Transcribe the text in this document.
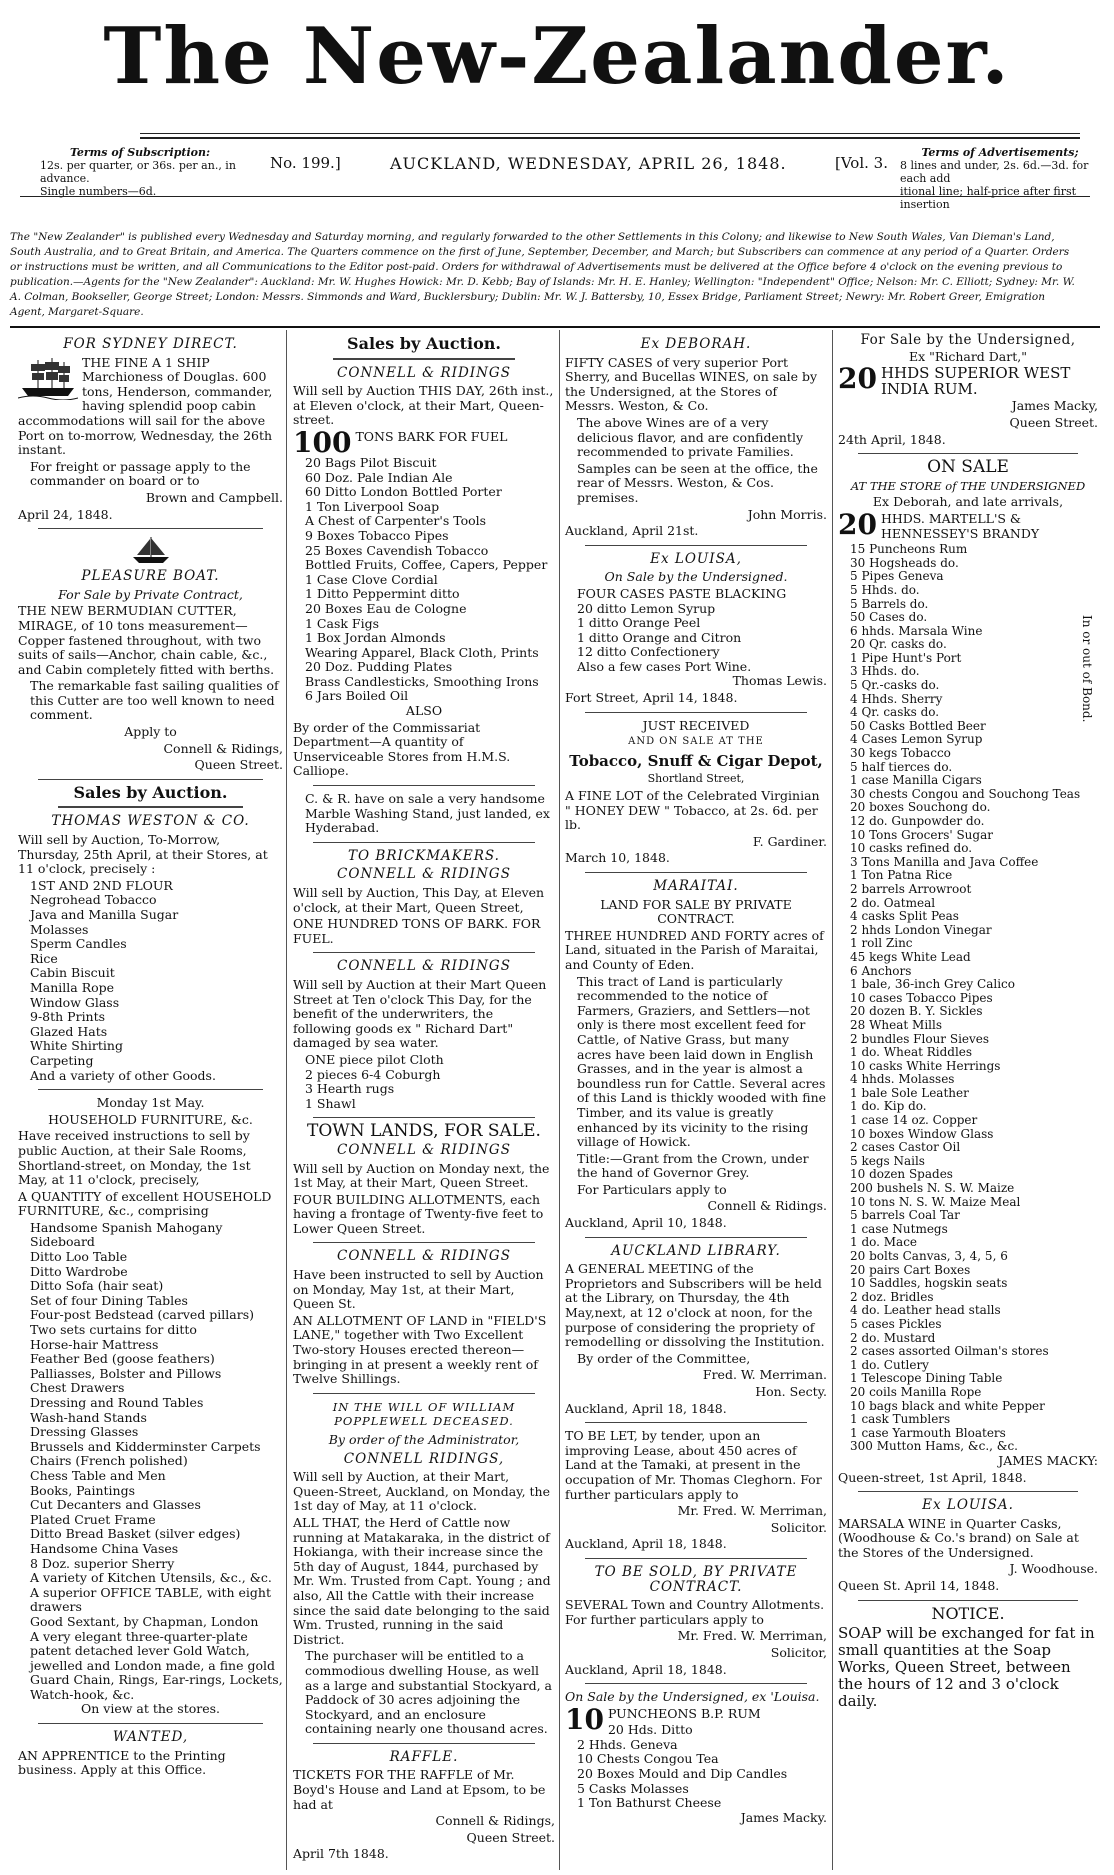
The New-Zealander.
Terms of Subscription:
12s. per quarter, or 36s. per an., in advance.
Single numbers—6d.
No. 199.]	AUCKLAND, WEDNESDAY, APRIL 26, 1848.	[Vol. 3.
Terms of Advertisements;
8 lines and under, 2s. 6d.—3d. for each add
itional line; half-price after first insertion
The "New Zealander" is published every Wednesday and Saturday morning, and regularly forwarded to the other Settlements in this Colony; and likewise to New South Wales, Van Dieman's Land, South Australia, and to Great Britain, and America. The Quarters commence on the first of June, September, December, and March; but Subscribers can commence at any period of a Quarter. Orders or instructions must be written, and all Communications to the Editor post-paid. Orders for withdrawal of Advertisements must be delivered at the Office before 4 o'clock on the evening previous to publication.—Agents for the "New Zealander": Auckland: Mr. W. Hughes Howick: Mr. D. Kebb; Bay of Islands: Mr. H. E. Hanley; Wellington: "Independent" Office; Nelson: Mr. C. Elliott; Sydney: Mr. W. A. Colman, Bookseller, George Street; London: Messrs. Simmonds and Ward, Bucklersbury; Dublin: Mr. W. J. Battersby, 10, Essex Bridge, Parliament Street; Newry: Mr. Robert Greer, Emigration Agent, Margaret-Square.
FOR SYDNEY DIRECT.

THE FINE A 1 SHIP Marchioness of Douglas. 600 tons, Henderson, commander, having splendid poop cabin accommodations will sail for the above Port on to-morrow, Wednesday, the 26th instant.

For freight or passage apply to the commander on board or to

Brown and Campbell.

April 24, 1848.

PLEASURE BOAT.

For Sale by Private Contract,

THE NEW BERMUDIAN CUTTER, MIRAGE, of 10 tons measurement—Copper fastened throughout, with two suits of sails—Anchor, chain cable, &c., and Cabin completely fitted with berths.

The remarkable fast sailing qualities of this Cutter are too well known to need comment.

Apply to

Connell & Ridings,

Queen Street.

Sales by Auction.
THOMAS WESTON & CO.

Will sell by Auction, To-Morrow, Thursday, 25th April, at their Stores, at 11 o'clock, precisely :

1ST AND 2ND FLOUR
Negrohead Tobacco
Java and Manilla Sugar
Molasses
Sperm Candles
Rice
Cabin Biscuit
Manilla Rope
Window Glass
9-8th Prints
Glazed Hats
White Shirting
Carpeting
And a variety of other Goods.

Monday 1st May.

HOUSEHOLD FURNITURE, &c.

Have received instructions to sell by public Auction, at their Sale Rooms, Shortland-street, on Monday, the 1st May, at 11 o'clock, precisely,

A QUANTITY of excellent HOUSEHOLD FURNITURE, &c., comprising

Handsome Spanish Mahogany Sideboard
Ditto Loo Table
Ditto Wardrobe
Ditto Sofa (hair seat)
Set of four Dining Tables
Four-post Bedstead (carved pillars)
Two sets curtains for ditto
Horse-hair Mattress
Feather Bed (goose feathers)
Palliasses, Bolster and Pillows
Chest Drawers
Dressing and Round Tables
Wash-hand Stands
Dressing Glasses
Brussels and Kidderminster Carpets
Chairs (French polished)
Chess Table and Men
Books, Paintings
Cut Decanters and Glasses
Plated Cruet Frame
Ditto Bread Basket (silver edges)
Handsome China Vases
8 Doz. superior Sherry
A variety of Kitchen Utensils, &c., &c.
A superior OFFICE TABLE, with eight drawers
Good Sextant, by Chapman, London
A very elegant three-quarter-plate patent detached lever Gold Watch, jewelled and London made, a fine gold Guard Chain, Rings, Ear-rings, Lockets, Watch-hook, &c.

On view at the stores.

WANTED,

AN APPRENTICE to the Printing business. Apply at this Office.

Sales by Auction.
CONNELL & RIDINGS

Will sell by Auction THIS DAY, 26th inst., at Eleven o'clock, at their Mart, Queen-street.

100 TONS BARK FOR FUEL

20 Bags Pilot Biscuit
60 Doz. Pale Indian Ale
60 Ditto London Bottled Porter
1 Ton Liverpool Soap
A Chest of Carpenter's Tools
9 Boxes Tobacco Pipes
25 Boxes Cavendish Tobacco
Bottled Fruits, Coffee, Capers, Pepper
1 Case Clove Cordial
1 Ditto Peppermint ditto
20 Boxes Eau de Cologne
1 Cask Figs
1 Box Jordan Almonds
Wearing Apparel, Black Cloth, Prints
20 Doz. Pudding Plates
Brass Candlesticks, Smoothing Irons
6 Jars Boiled Oil

ALSO

By order of the Commissariat Department—A quantity of Unserviceable Stores from H.M.S. Calliope.

C. & R. have on sale a very handsome Marble Washing Stand, just landed, ex Hyderabad.

TO BRICKMAKERS.
CONNELL & RIDINGS

Will sell by Auction, This Day, at Eleven o'clock, at their Mart, Queen Street,

ONE HUNDRED TONS OF BARK. FOR FUEL.

CONNELL & RIDINGS

Will sell by Auction at their Mart Queen Street at Ten o'clock This Day, for the benefit of the underwriters, the following goods ex " Richard Dart" damaged by sea water.

ONE piece pilot Cloth
2 pieces 6-4 Coburgh
3 Hearth rugs
1 Shawl
TOWN LANDS, FOR SALE.
CONNELL & RIDINGS

Will sell by Auction on Monday next, the 1st May, at their Mart, Queen Street.

FOUR BUILDING ALLOTMENTS, each having a frontage of Twenty-five feet to Lower Queen Street.

CONNELL & RIDINGS

Have been instructed to sell by Auction on Monday, May 1st, at their Mart, Queen St.

AN ALLOTMENT OF LAND in "FIELD'S LANE," together with Two Excellent Two-story Houses erected thereon—bringing in at present a weekly rent of Twelve Shillings.

IN THE WILL OF WILLIAM POPPLEWELL DECEASED.

By order of the Administrator,

CONNELL RIDINGS,

Will sell by Auction, at their Mart, Queen-Street, Auckland, on Monday, the 1st day of May, at 11 o'clock.

ALL THAT, the Herd of Cattle now running at Matakaraka, in the district of Hokianga, with their increase since the 5th day of August, 1844, purchased by Mr. Wm. Trusted from Capt. Young ; and also, All the Cattle with their increase since the said date belonging to the said Wm. Trusted, running in the said District.

The purchaser will be entitled to a commodious dwelling House, as well as a large and substantial Stockyard, a Paddock of 30 acres adjoining the Stockyard, and an enclosure containing nearly one thousand acres.

RAFFLE.

TICKETS FOR THE RAFFLE of Mr. Boyd's House and Land at Epsom, to be had at

Connell & Ridings,

Queen Street.

April 7th 1848.

Ex DEBORAH.

FIFTY CASES of very superior Port Sherry, and Bucellas WINES, on sale by the Undersigned, at the Stores of Messrs. Weston, & Co.

The above Wines are of a very delicious flavor, and are confidently recommended to private Families.

Samples can be seen at the office, the rear of Messrs. Weston, & Cos. premises.

John Morris.

Auckland, April 21st.

Ex LOUISA,

On Sale by the Undersigned.

FOUR CASES PASTE BLACKING
20 ditto Lemon Syrup
1 ditto Orange Peel
1 ditto Orange and Citron
12 ditto Confectionery
Also a few cases Port Wine.

Thomas Lewis.

Fort Street, April 14, 1848.

JUST RECEIVED

AND ON SALE AT THE

Tobacco, Snuff & Cigar Depot,

Shortland Street,

A FINE LOT of the Celebrated Virginian " HONEY DEW " Tobacco, at 2s. 6d. per lb.

F. Gardiner.

March 10, 1848.

MARAITAI.

LAND FOR SALE BY PRIVATE CONTRACT.

THREE HUNDRED AND FORTY acres of Land, situated in the Parish of Maraitai, and County of Eden.

This tract of Land is particularly recommended to the notice of Farmers, Graziers, and Settlers—not only is there most excellent feed for Cattle, of Native Grass, but many acres have been laid down in English Grasses, and in the year is almost a boundless run for Cattle. Several acres of this Land is thickly wooded with fine Timber, and its value is greatly enhanced by its vicinity to the rising village of Howick.

Title:—Grant from the Crown, under the hand of Governor Grey.

For Particulars apply to

Connell & Ridings.

Auckland, April 10, 1848.

AUCKLAND LIBRARY.

A GENERAL MEETING of the Proprietors and Subscribers will be held at the Library, on Thursday, the 4th May,next, at 12 o'clock at noon, for the purpose of considering the propriety of remodelling or dissolving the Institution.

By order of the Committee,

Fred. W. Merriman.

Hon. Secty.

Auckland, April 18, 1848.

TO BE LET, by tender, upon an improving Lease, about 450 acres of Land at the Tamaki, at present in the occupation of Mr. Thomas Cleghorn. For further particulars apply to

Mr. Fred. W. Merriman,

Solicitor.

Auckland, April 18, 1848.

TO BE SOLD, BY PRIVATE CONTRACT.

SEVERAL Town and Country Allotments. For further particulars apply to

Mr. Fred. W. Merriman,

Solicitor,

Auckland, April 18, 1848.

On Sale by the Undersigned, ex 'Louisa.

10 PUNCHEONS B.P. RUM

20 Hds. Ditto
2 Hhds. Geneva
10 Chests Congou Tea
20 Boxes Mould and Dip Candles
5 Casks Molasses
1 Ton Bathurst Cheese

James Macky.

For Sale by the Undersigned,

Ex "Richard Dart,"

20 HHDS SUPERIOR WEST INDIA RUM.

James Macky,

Queen Street.

24th April, 1848.

ON SALE

AT THE STORE of THE UNDERSIGNED

Ex Deborah, and late arrivals,

20 HHDS. MARTELL'S & HENNESSEY'S BRANDY

15 Puncheons Rum
30 Hogsheads do.
5 Pipes Geneva
5 Hhds. do.
5 Barrels do.
50 Cases do.
6 hhds. Marsala Wine
20 Qr. casks do.
1 Pipe Hunt's Port
3 Hhds. do.
5 Qr.-casks do.
4 Hhds. Sherry
4 Qr. casks do.
50 Casks Bottled Beer
4 Cases Lemon Syrup
30 kegs Tobacco
5 half tierces do.
1 case Manilla Cigars
30 chests Congou and Souchong Teas
20 boxes Souchong do.
12 do. Gunpowder do.
10 Tons Grocers' Sugar
10 casks refined do.
3 Tons Manilla and Java Coffee
1 Ton Patna Rice
2 barrels Arrowroot
2 do. Oatmeal
4 casks Split Peas
2 hhds London Vinegar
1 roll Zinc
45 kegs White Lead
6 Anchors
1 bale, 36-inch Grey Calico
10 cases Tobacco Pipes
20 dozen B. Y. Sickles
28 Wheat Mills
2 bundles Flour Sieves
1 do. Wheat Riddles
10 casks White Herrings
4 hhds. Molasses
1 bale Sole Leather
1 do. Kip do.
1 case 14 oz. Copper
10 boxes Window Glass
2 cases Castor Oil
5 kegs Nails
10 dozen Spades
200 bushels N. S. W. Maize
10 tons N. S. W. Maize Meal
5 barrels Coal Tar
1 case Nutmegs
1 do. Mace
20 bolts Canvas, 3, 4, 5, 6
20 pairs Cart Boxes
10 Saddles, hogskin seats
2 doz. Bridles
4 do. Leather head stalls
5 cases Pickles
2 do. Mustard
2 cases assorted Oilman's stores
1 do. Cutlery
1 Telescope Dining Table
20 coils Manilla Rope
10 bags black and white Pepper
1 cask Tumblers
1 case Yarmouth Bloaters
300 Mutton Hams, &c., &c.

JAMES MACKY:

Queen-street, 1st April, 1848.

Ex LOUISA.

MARSALA WINE in Quarter Casks, (Woodhouse & Co.'s brand) on Sale at the Stores of the Undersigned.

J. Woodhouse.

Queen St. April 14, 1848.

NOTICE.

SOAP will be exchanged for fat in small quantities at the Soap Works, Queen Street, between the hours of 12 and 3 o'clock daily.

In or out of Bond.
